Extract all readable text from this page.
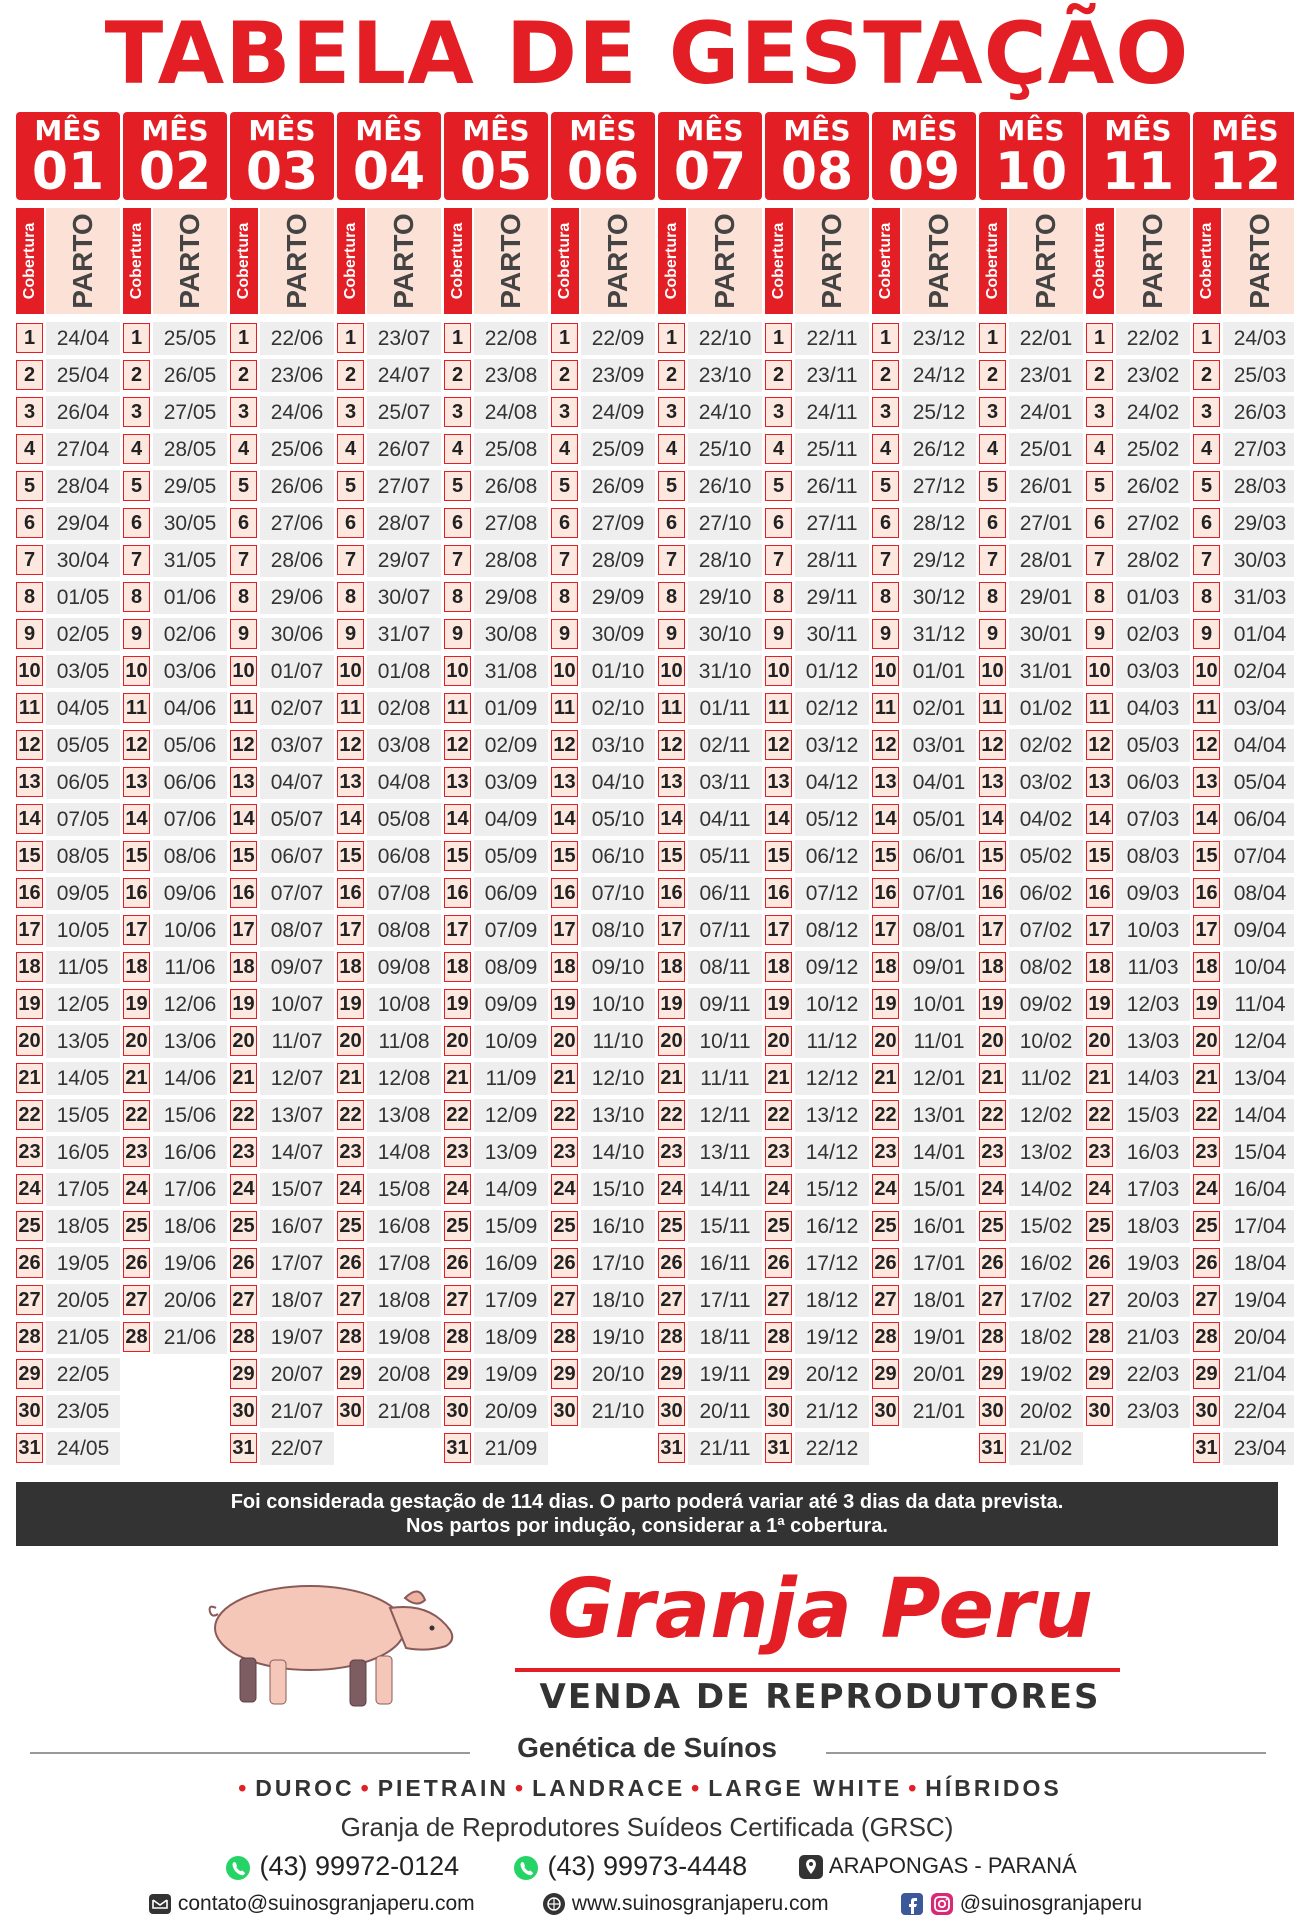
TABELA DE GESTAÇÃO
MÊS
01
Cobertura PARTO
1	24/04
2	25/04
3	26/04
4	27/04
5	28/04
6	29/04
7	30/04
8	01/05
9	02/05
10 03/05
11 04/05
12 05/05
13 06/05
14 07/05
15 08/05
16 09/05
17 10/05
18 11/05
19 12/05
20 13/05
21 14/05
22 15/05
23 16/05
24 17/05
25 18/05
26 19/05
27 20/05
28 21/05
29 22/05
30 23/05
31 24/05
MÊS
02
Cobertura PARTO
1	25/05
2	26/05
3	27/05
4	28/05
5	29/05
6	30/05
7	31/05
8	01/06
9	02/06
10 03/06
11 04/06
12 05/06
13 06/06
14 07/06
15 08/06
16 09/06
17 10/06
18 11/06
19 12/06
20 13/06
21 14/06
22 15/06
23 16/06
24 17/06
25 18/06
26 19/06
27 20/06
28 21/06
MÊS
03
Cobertura PARTO
1	22/06
2	23/06
3	24/06
4	25/06
5	26/06
6	27/06
7	28/06
8	29/06
9	30/06
10 01/07
11 02/07
12 03/07
13 04/07
14 05/07
15 06/07
16 07/07
17 08/07
18 09/07
19 10/07
20 11/07
21 12/07
22 13/07
23 14/07
24 15/07
25 16/07
26 17/07
27 18/07
28 19/07
29 20/07
30 21/07
31 22/07
MÊS
04
Cobertura PARTO
1	23/07
2	24/07
3	25/07
4	26/07
5	27/07
6	28/07
7	29/07
8	30/07
9	31/07
10 01/08
11 02/08
12 03/08
13 04/08
14 05/08
15 06/08
16 07/08
17 08/08
18 09/08
19 10/08
20 11/08
21 12/08
22 13/08
23 14/08
24 15/08
25 16/08
26 17/08
27 18/08
28 19/08
29 20/08
30 21/08
MÊS
05
Cobertura PARTO
1	22/08
2	23/08
3	24/08
4	25/08
5	26/08
6	27/08
7	28/08
8	29/08
9	30/08
10 31/08
11 01/09
12 02/09
13 03/09
14 04/09
15 05/09
16 06/09
17 07/09
18 08/09
19 09/09
20 10/09
21 11/09
22 12/09
23 13/09
24 14/09
25 15/09
26 16/09
27 17/09
28 18/09
29 19/09
30 20/09
31 21/09
MÊS
06
Cobertura PARTO
1	22/09
2	23/09
3	24/09
4	25/09
5	26/09
6	27/09
7	28/09
8	29/09
9	30/09
10 01/10
11 02/10
12 03/10
13 04/10
14 05/10
15 06/10
16 07/10
17 08/10
18 09/10
19 10/10
20 11/10
21 12/10
22 13/10
23 14/10
24 15/10
25 16/10
26 17/10
27 18/10
28 19/10
29 20/10
30 21/10
MÊS
07
Cobertura PARTO
1	22/10
2	23/10
3	24/10
4	25/10
5	26/10
6	27/10
7	28/10
8	29/10
9	30/10
10 31/10
11 01/11
12 02/11
13 03/11
14 04/11
15 05/11
16 06/11
17 07/11
18 08/11
19 09/11
20 10/11
21 11/11
22 12/11
23 13/11
24 14/11
25 15/11
26 16/11
27 17/11
28 18/11
29 19/11
30 20/11
31 21/11
MÊS
08
Cobertura PARTO
1	22/11
2	23/11
3	24/11
4	25/11
5	26/11
6	27/11
7	28/11
8	29/11
9	30/11
10 01/12
11 02/12
12 03/12
13 04/12
14 05/12
15 06/12
16 07/12
17 08/12
18 09/12
19 10/12
20 11/12
21 12/12
22 13/12
23 14/12
24 15/12
25 16/12
26 17/12
27 18/12
28 19/12
29 20/12
30 21/12
31 22/12
MÊS
09
Cobertura PARTO
1	23/12
2	24/12
3	25/12
4	26/12
5	27/12
6	28/12
7	29/12
8	30/12
9	31/12
10 01/01
11 02/01
12 03/01
13 04/01
14 05/01
15 06/01
16 07/01
17 08/01
18 09/01
19 10/01
20 11/01
21 12/01
22 13/01
23 14/01
24 15/01
25 16/01
26 17/01
27 18/01
28 19/01
29 20/01
30 21/01
MÊS
10
Cobertura PARTO
1	22/01
2	23/01
3	24/01
4	25/01
5	26/01
6	27/01
7	28/01
8	29/01
9	30/01
10 31/01
11 01/02
12 02/02
13 03/02
14 04/02
15 05/02
16 06/02
17 07/02
18 08/02
19 09/02
20 10/02
21 11/02
22 12/02
23 13/02
24 14/02
25 15/02
26 16/02
27 17/02
28 18/02
29 19/02
30 20/02
31 21/02
MÊS
11
Cobertura PARTO
1	22/02
2	23/02
3	24/02
4	25/02
5	26/02
6	27/02
7	28/02
8	01/03
9	02/03
10 03/03
11 04/03
12 05/03
13 06/03
14 07/03
15 08/03
16 09/03
17 10/03
18 11/03
19 12/03
20 13/03
21 14/03
22 15/03
23 16/03
24 17/03
25 18/03
26 19/03
27 20/03
28 21/03
29 22/03
30 23/03
MÊS
12
Cobertura PARTO
1	24/03
2	25/03
3	26/03
4	27/03
5	28/03
6	29/03
7	30/03
8	31/03
9	01/04
10 02/04
11 03/04
12 04/04
13 05/04
14 06/04
15 07/04
16 08/04
17 09/04
18 10/04
19 11/04
20 12/04
21 13/04
22 14/04
23 15/04
24 16/04
25 17/04
26 18/04
27 19/04
28 20/04
29 21/04
30 22/04
31 23/04
Foi considerada gestação de 114 dias. O parto poderá variar até 3 dias da data prevista.
Nos partos por indução, considerar a 1ª cobertura.
Granja Peru
VENDA DE REPRODUTORES
Genética de Suínos
• DUROC • PIETRAIN • LANDRACE • LARGE WHITE • HÍBRIDOS
Granja de Reprodutores Suídeos Certificada (GRSC)
(43) 99972-0124	(43) 99973-4448	ARAPONGAS - PARANÁ
contato@suinosgranjaperu.com	www.suinosgranjaperu.com	@suinosgranjaperu
